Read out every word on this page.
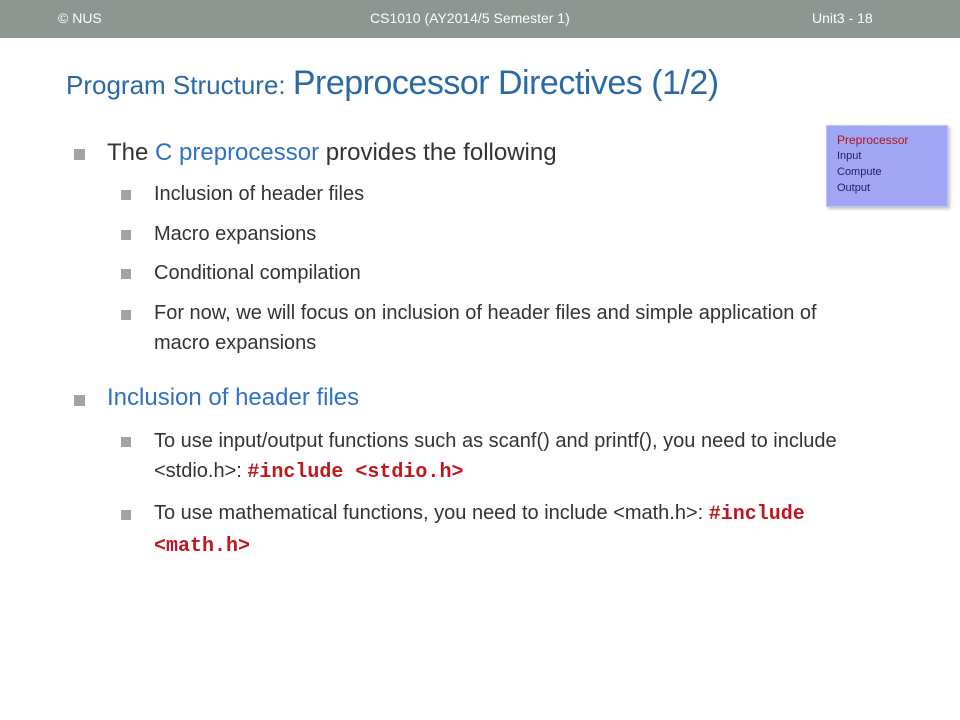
© NUS	CS1010 (AY2014/5 Semester 1)	Unit3 - 18
Program Structure: Preprocessor Directives (1/2)
Preprocessor
Input
Compute
Output
The C preprocessor provides the following
Inclusion of header files
Macro expansions
Conditional compilation
For now, we will focus on inclusion of header files and simple application of macro expansions
Inclusion of header files
To use input/output functions such as scanf() and printf(), you need to include <stdio.h>: #include <stdio.h>
To use mathematical functions, you need to include <math.h>: #include <math.h>
